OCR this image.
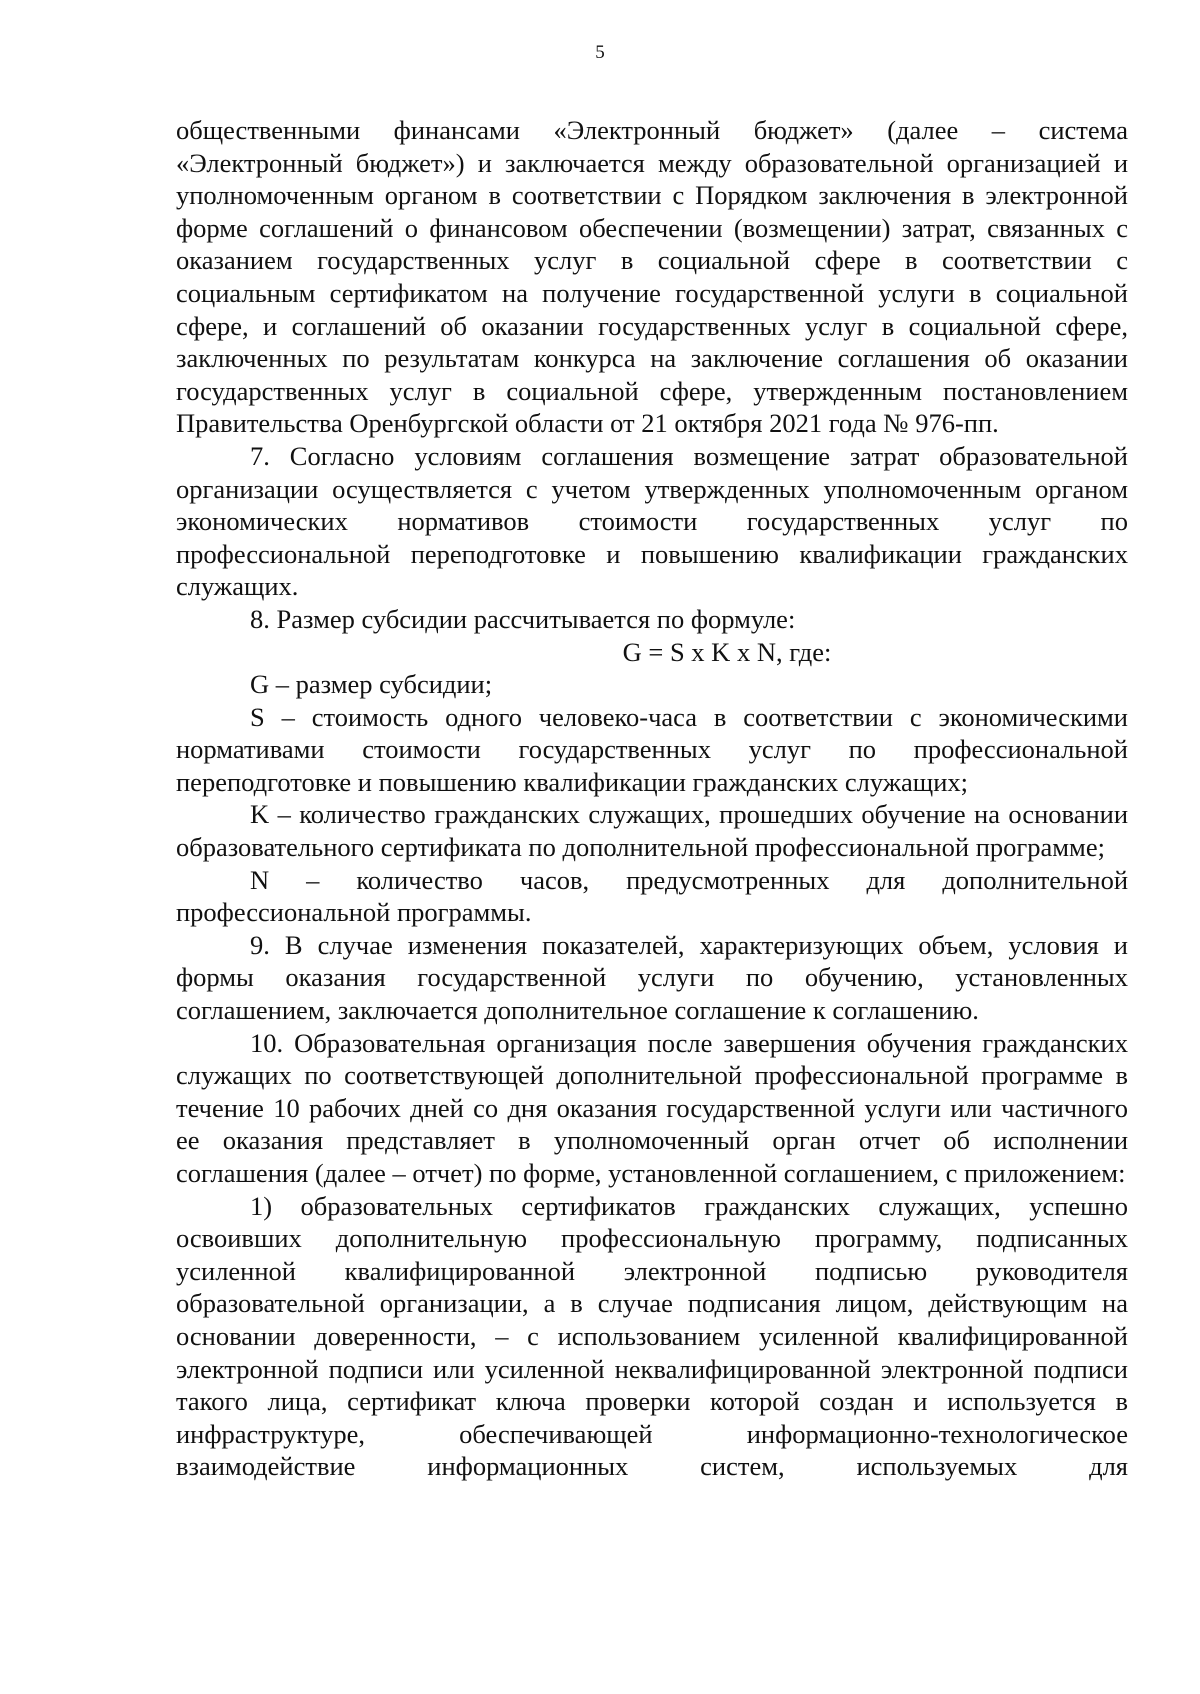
5

общественными финансами «Электронный бюджет» (далее – система «Электронный бюджет») и заключается между образовательной организацией и уполномоченным органом в соответствии с Порядком заключения в электронной форме соглашений о финансовом обеспечении (возмещении) затрат, связанных с оказанием государственных услуг в социальной сфере в соответствии с социальным сертификатом на получение государственной услуги в социальной сфере, и соглашений об оказании государственных услуг в социальной сфере, заключенных по результатам конкурса на заключение соглашения об оказании государственных услуг в социальной сфере, утвержденным постановлением Правительства Оренбургской области от 21 октября 2021 года № 976-пп.

7. Согласно условиям соглашения возмещение затрат образовательной организации осуществляется с учетом утвержденных уполномоченным органом экономических нормативов стоимости государственных услуг по профессиональной переподготовке и повышению квалификации гражданских служащих.

8. Размер субсидии рассчитывается по формуле:

G = S x K x N, где:

G – размер субсидии;

S – стоимость одного человеко-часа в соответствии с экономическими нормативами стоимости государственных услуг по профессиональной переподготовке и повышению квалификации гражданских служащих;

K – количество гражданских служащих, прошедших обучение на основании образовательного сертификата по дополнительной профессиональной программе;

N – количество часов, предусмотренных для дополнительной профессиональной программы.

9. В случае изменения показателей, характеризующих объем, условия и формы оказания государственной услуги по обучению, установленных соглашением, заключается дополнительное соглашение к соглашению.

10. Образовательная организация после завершения обучения гражданских служащих по соответствующей дополнительной профессиональной программе в течение 10 рабочих дней со дня оказания государственной услуги или частичного ее оказания представляет в уполномоченный орган отчет об исполнении соглашения (далее – отчет) по форме, установленной соглашением, с приложением:

1) образовательных сертификатов гражданских служащих, успешно освоивших дополнительную профессиональную программу, подписанных усиленной квалифицированной электронной подписью руководителя образовательной организации, а в случае подписания лицом, действующим на основании доверенности, – с использованием усиленной квалифицированной электронной подписи или усиленной неквалифицированной электронной подписи такого лица, сертификат ключа проверки которой создан и используется в инфраструктуре, обеспечивающей информационно-технологическое взаимодействие информационных систем, используемых для
